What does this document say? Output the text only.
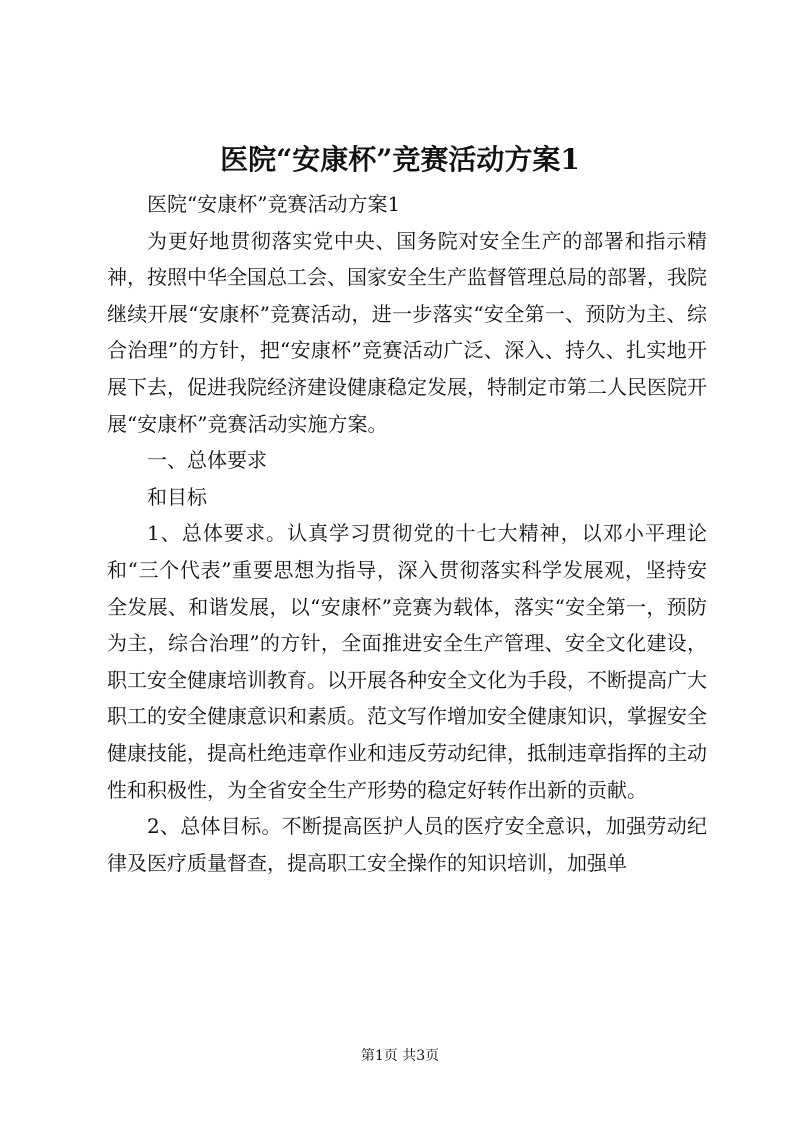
医院“安康杯”竞赛活动方案1

医院“安康杯”竞赛活动方案1

为更好地贯彻落实党中央、国务院对安全生产的部署和指示精神，按照中华全国总工会、国家安全生产监督管理总局的部署，我院继续开展“安康杯”竞赛活动，进一步落实“安全第一、预防为主、综合治理”的方针，把“安康杯”竞赛活动广泛、深入、持久、扎实地开展下去，促进我院经济建设健康稳定发展，特制定市第二人民医院开展“安康杯”竞赛活动实施方案。

一、总体要求

和目标

1、总体要求。认真学习贯彻党的十七大精神，以邓小平理论和“三个代表”重要思想为指导，深入贯彻落实科学发展观，坚持安全发展、和谐发展，以“安康杯”竞赛为载体，落实“安全第一，预防为主，综合治理”的方针，全面推进安全生产管理、安全文化建设，职工安全健康培训教育。以开展各种安全文化为手段，不断提高广大职工的安全健康意识和素质。范文写作增加安全健康知识，掌握安全健康技能，提高杜绝违章作业和违反劳动纪律，抵制违章指挥的主动性和积极性，为全省安全生产形势的稳定好转作出新的贡献。

2、总体目标。不断提高医护人员的医疗安全意识，加强劳动纪律及医疗质量督查，提高职工安全操作的知识培训，加强单

第1页 共3页
